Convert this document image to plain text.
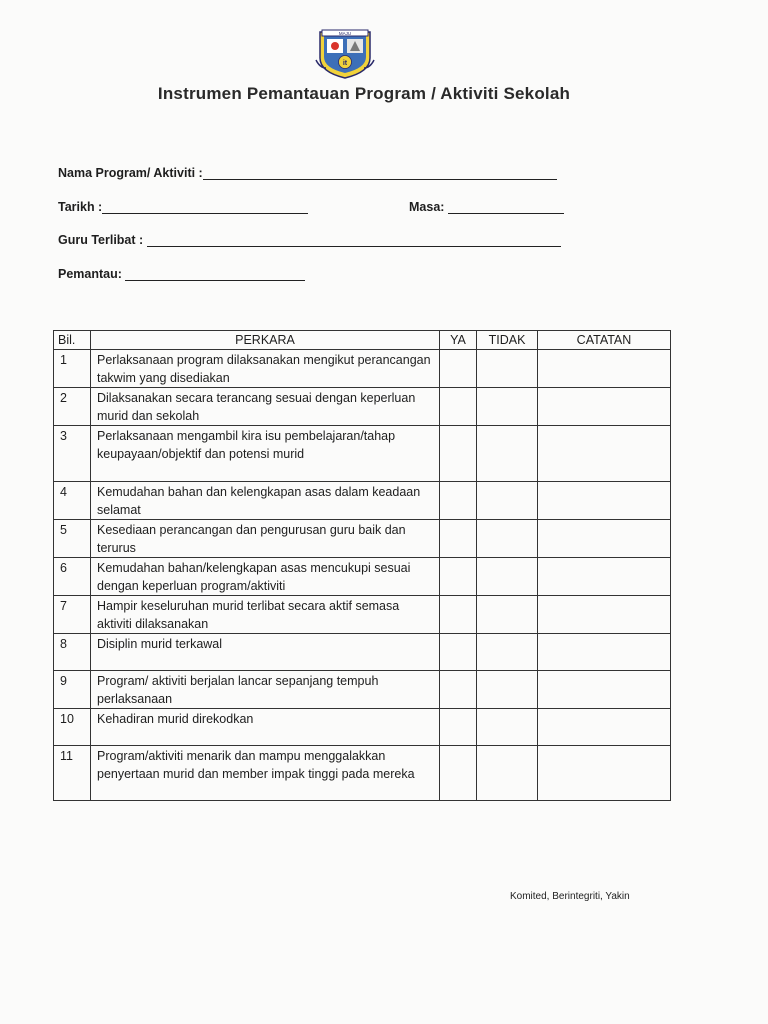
MAJU
it
Instrumen Pemantauan Program / Aktiviti Sekolah
Nama Program/ Aktiviti :
Tarikh :	Masa:
Guru Terlibat :
Pemantau:
Bil.	PERKARA	YA	TIDAK	CATATAN
1	Perlaksanaan program dilaksanakan mengikut perancangan takwim yang disediakan			
2	Dilaksanakan secara terancang sesuai dengan keperluan murid dan sekolah			
3	Perlaksanaan mengambil kira isu pembelajaran/tahap keupayaan/objektif dan potensi murid			
4	Kemudahan bahan dan kelengkapan asas dalam keadaan selamat			
5	Kesediaan perancangan dan pengurusan guru baik dan terurus			
6	Kemudahan bahan/kelengkapan asas mencukupi sesuai dengan keperluan program/aktiviti			
7	Hampir keseluruhan murid terlibat secara aktif semasa aktiviti dilaksanakan			
8	Disiplin murid terkawal			
9	Program/ aktiviti berjalan lancar sepanjang tempuh perlaksanaan			
10	Kehadiran murid direkodkan			
11	Program/aktiviti menarik dan mampu menggalakkan penyertaan murid dan member impak tinggi pada mereka			
Komited, Berintegriti, Yakin
